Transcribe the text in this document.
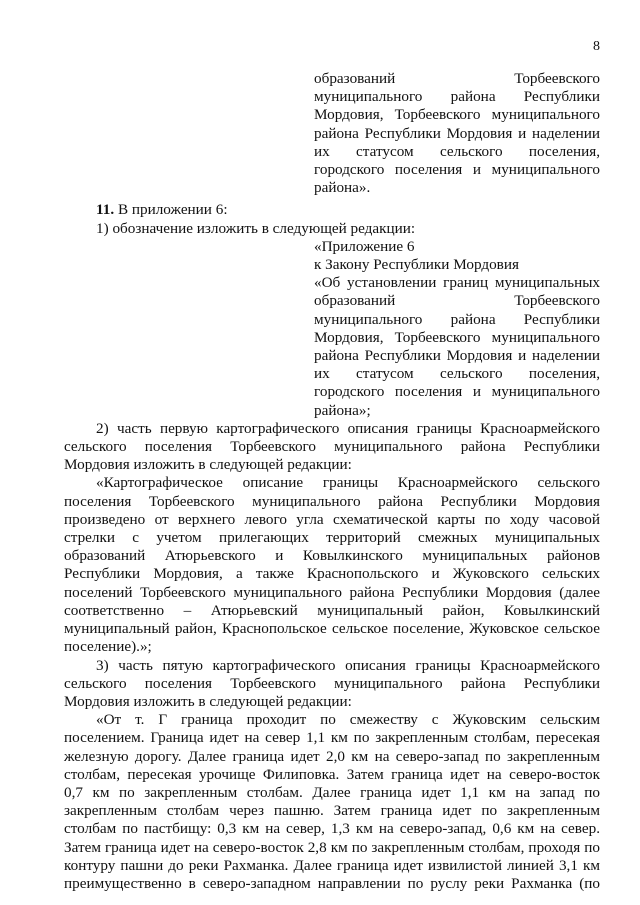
8

образований Торбеевского

муниципального района Республики

Мордовия, Торбеевского муниципального

района Республики Мордовия и наделении

их статусом сельского поселения,

городского поселения и муниципального

района».

11. В приложении 6:

1) обозначение изложить в следующей редакции:

«Приложение 6

к Закону Республики Мордовия

«Об установлении границ муниципальных

образований Торбеевского

муниципального района Республики

Мордовия, Торбеевского муниципального

района Республики Мордовия и наделении

их статусом сельского поселения,

городского поселения и муниципального

района»;

2) часть первую картографического описания границы Красноармейского

сельского поселения Торбеевского муниципального района Республики

Мордовия изложить в следующей редакции:

«Картографическое описание границы Красноармейского сельского

поселения Торбеевского муниципального района Республики Мордовия

произведено от верхнего левого угла схематической карты по ходу часовой

стрелки с учетом прилегающих территорий смежных муниципальных

образований Атюрьевского и Ковылкинского муниципальных районов

Республики Мордовия, а также Краснопольского и Жуковского сельских

поселений Торбеевского муниципального района Республики Мордовия (далее

соответственно – Атюрьевский муниципальный район, Ковылкинский

муниципальный район, Краснопольское сельское поселение, Жуковское сельское

поселение).»;

3) часть пятую картографического описания границы Красноармейского

сельского поселения Торбеевского муниципального района Республики

Мордовия изложить в следующей редакции:

«От т. Г граница проходит по смежеству с Жуковским сельским

поселением. Граница идет на север 1,1 км по закрепленным столбам, пересекая

железную дорогу. Далее граница идет 2,0 км на северо-запад по закрепленным

столбам, пересекая урочище Филиповка. Затем граница идет на северо-восток

0,7 км по закрепленным столбам. Далее граница идет 1,1 км на запад по

закрепленным столбам через пашню. Затем граница идет по закрепленным

столбам по пастбищу: 0,3 км на север, 1,3 км на северо-запад, 0,6 км на север.

Затем граница идет на северо-восток 2,8 км по закрепленным столбам, проходя по

контуру пашни до реки Рахманка. Далее граница идет извилистой линией 3,1 км

преимущественно в северо-западном направлении по руслу реки Рахманка (по
